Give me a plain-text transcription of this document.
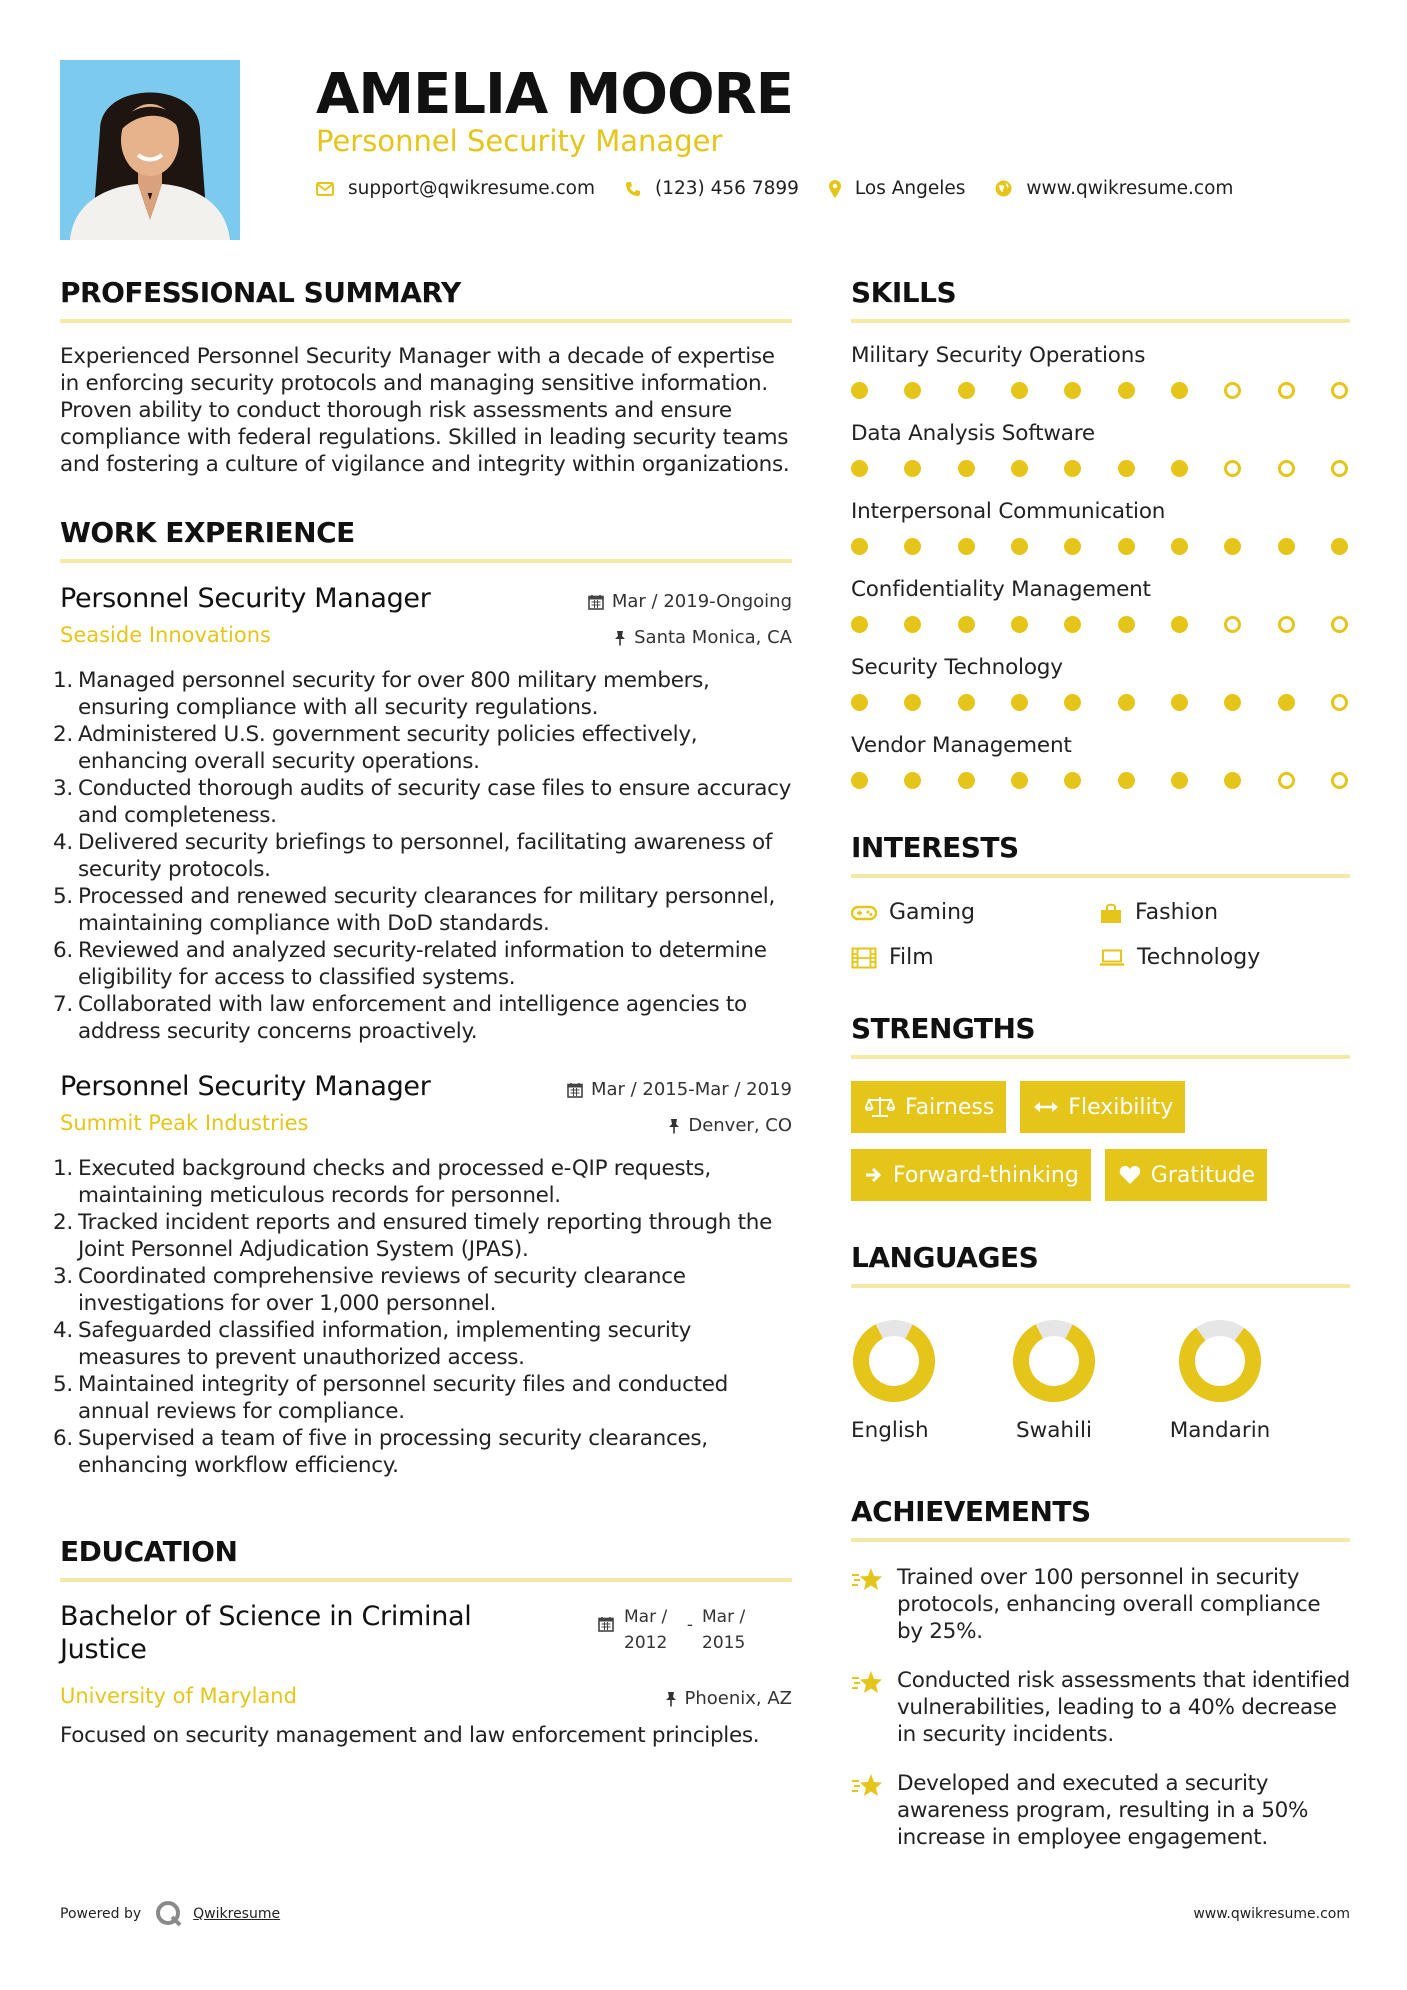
AMELIA MOORE
Personnel Security Manager
support@qwikresume.com	(123) 456 7899	Los Angeles	www.qwikresume.com
PROFESSIONAL SUMMARY

Experienced Personnel Security Manager with a decade of expertise in enforcing security protocols and managing sensitive information. Proven ability to conduct thorough risk assessments and ensure compliance with federal regulations. Skilled in leading security teams and fostering a culture of vigilance and integrity within organizations.

WORK EXPERIENCE
Personnel Security Manager	Mar / 2019-Ongoing
Seaside Innovations	Santa Monica, CA
1. Managed personnel security for over 800 military members, ensuring compliance with all security regulations.
2. Administered U.S. government security policies effectively, enhancing overall security operations.
3. Conducted thorough audits of security case files to ensure accuracy and completeness.
4. Delivered security briefings to personnel, facilitating awareness of security protocols.
5. Processed and renewed security clearances for military personnel, maintaining compliance with DoD standards.
6. Reviewed and analyzed security-related information to determine eligibility for access to classified systems.
7. Collaborated with law enforcement and intelligence agencies to address security concerns proactively.
Personnel Security Manager	Mar / 2015-Mar / 2019
Summit Peak Industries	Denver, CO
1. Executed background checks and processed e-QIP requests, maintaining meticulous records for personnel.
2. Tracked incident reports and ensured timely reporting through the Joint Personnel Adjudication System (JPAS).
3. Coordinated comprehensive reviews of security clearance investigations for over 1,000 personnel.
4. Safeguarded classified information, implementing security measures to prevent unauthorized access.
5. Maintained integrity of personnel security files and conducted annual reviews for compliance.
6. Supervised a team of five in processing security clearances, enhancing workflow efficiency.
EDUCATION
Bachelor of Science in Criminal Justice
Mar / 2012
- Mar / 2015
University of Maryland	Phoenix, AZ

Focused on security management and law enforcement principles.

SKILLS
Military Security Operations
Data Analysis Software
Interpersonal Communication
Confidentiality Management
Security Technology
Vendor Management
INTERESTS
Gaming	Fashion
Film	Technology
STRENGTHS
Fairness	Flexibility
Forward-thinking	Gratitude
LANGUAGES
English	Swahili	Mandarin
ACHIEVEMENTS
Trained over 100 personnel in security protocols, enhancing overall compliance by 25%.
Conducted risk assessments that identified vulnerabilities, leading to a 40% decrease in security incidents.
Developed and executed a security awareness program, resulting in a 50% increase in employee engagement.
Powered by	Qwikresume	www.qwikresume.com
